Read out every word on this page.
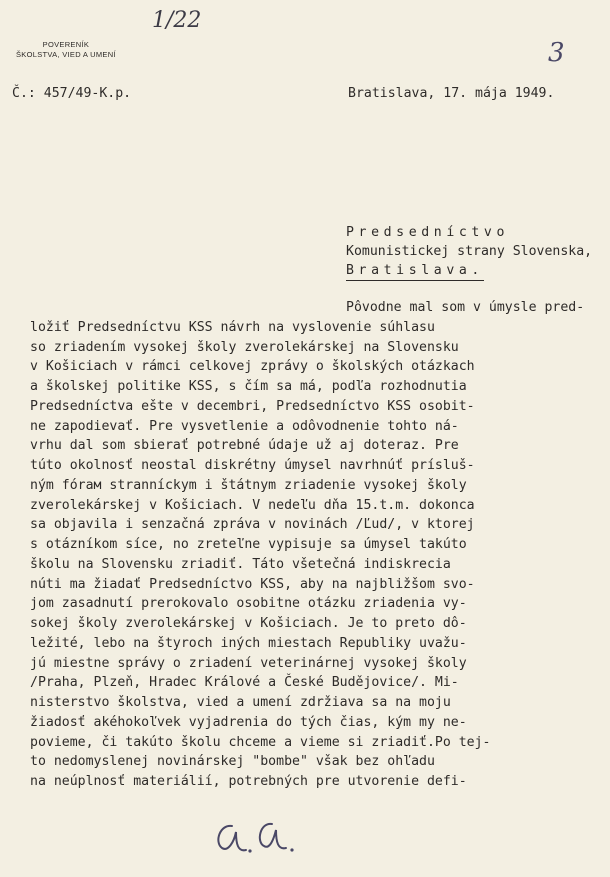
POVERENÍK
ŠKOLSTVA, VIED A UMENÍ
1/22
3
Č.: 457/49-K.p.	Bratislava, 17. mája 1949.
Predsedníctvo
Komunistickej strany Slovenska,
Bratislava.
Pôvodne mal som v úmysle pred-
ložiť Predsedníctvu KSS návrh na vyslovenie súhlasu
so zriadením vysokej školy zverolekárskej na Slovensku
v Košiciach v rámci celkovej zprávy o školských otázkach
a školskej politike KSS, s čím sa má, podľa rozhodnutia
Predsedníctva ešte v decembri, Predsedníctvo KSS osobit-
ne zapodievať. Pre vysvetlenie a odôvodnenie tohto ná-
vrhu dal som sbierať potrebné údaje už aj doteraz. Pre
túto okolnosť neostal diskrétny úmysel navrhnúť prísluš-
ným fórам stranníckym i štátnym zriadenie vysokej školy
zverolekárskej v Košiciach. V nedeľu dňa 15.t.m. dokonca
sa objavila i senzačná zpráva v novinách /Ľud/, v ktorej
s otázníkom síce, no zreteľne vypisuje sa úmysel takúto
školu na Slovensku zriadiť. Táto všetečná indiskrecia
núti ma žiadať Predsedníctvo KSS, aby na najbližšom svo-
jom zasadnutí prerokovalo osobitne otázku zriadenia vy-
sokej školy zverolekárskej v Košiciach. Je to preto dô-
ležité, lebo na štyroch iných miestach Republiky uvažu-
jú miestne správy o zriadení veterinárnej vysokej školy
/Praha, Plzeň, Hradec Králové a České Budějovice/. Mi-
nisterstvo školstva, vied a umení zdržiava sa na moju
žiadosť akéhokoľvek vyjadrenia do tých čias, kým my ne-
povieme, či takúto školu chceme a vieme si zriadiť.Po tej-
to nedomyslenej novinárskej "bombe" však bez ohľadu
na neúplnosť materiálií, potrebných pre utvorenie defi-
